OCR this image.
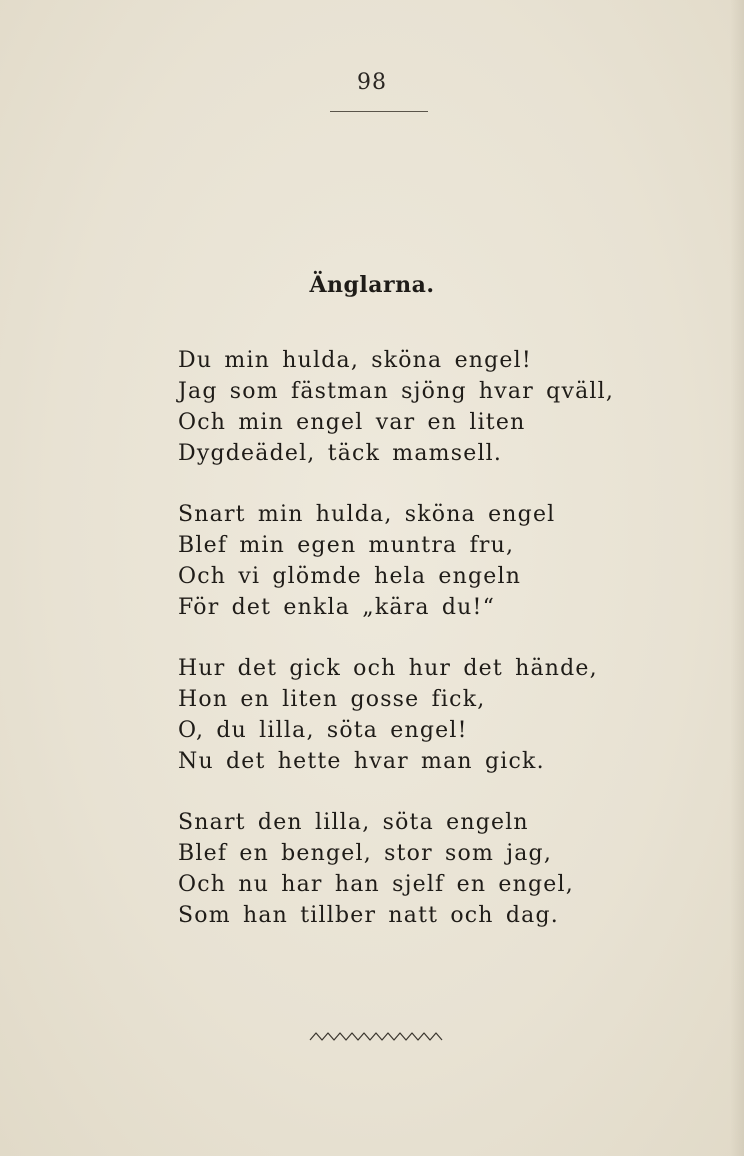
98
Änglarna.
Du min hulda, sköna engel!
Jag som fästman sjöng hvar qväll,
Och min engel var en liten
Dygdeädel, täck mamsell.
Snart min hulda, sköna engel
Blef min egen muntra fru,
Och vi glömde hela engeln
För det enkla „kära du!“
Hur det gick och hur det hände,
Hon en liten gosse fick,
O, du lilla, söta engel!
Nu det hette hvar man gick.
Snart den lilla, söta engeln
Blef en bengel, stor som jag,
Och nu har han sjelf en engel,
Som han tillber natt och dag.
